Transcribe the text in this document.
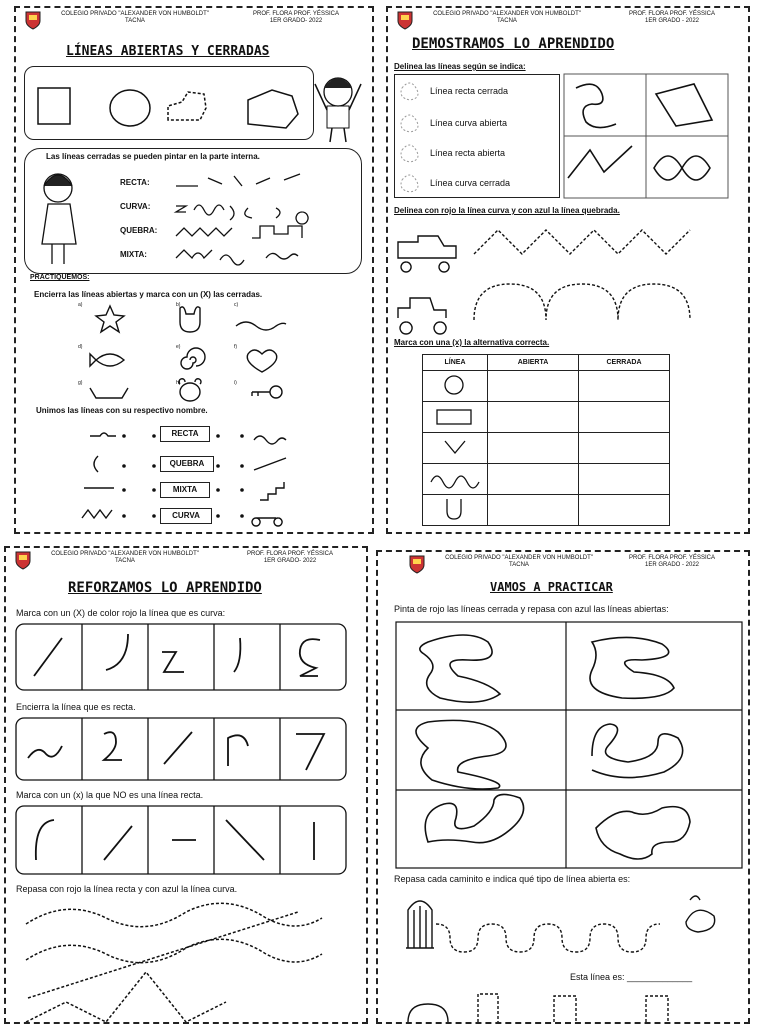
COLEGIO PRIVADO "ALEXANDER VON HUMBOLDT"
TACNA
PROF. FLORA PROF. YÉSSICA
1ER GRADO- 2022
LÍNEAS ABIERTAS Y CERRADAS
Las líneas cerradas se pueden pintar en la parte interna.
RECTA:
CURVA:
QUEBRA:
MIXTA:
PRACTIQUEMOS:
Encierra las líneas abiertas y marca con un (X) las cerradas.
a)	b)	c)
d)	e)	f)
g)	h)	i)
Unimos las líneas con su respectivo nombre.
RECTA
QUEBRA
MIXTA
CURVA
COLEGIO PRIVADO "ALEXANDER VON HUMBOLDT"
TACNA
PROF. FLORA PROF. YÉSSICA
1ER GRADO - 2022
DEMOSTRAMOS LO APRENDIDO
Delinea las líneas según se indica:
Línea recta cerrada
Línea curva abierta
Línea recta abierta
Línea curva cerrada
Delinea con rojo la línea curva y con azul la línea quebrada.
Marca con una (x) la alternativa correcta.
LÍNEA	ABIERTA	CERRADA

COLEGIO PRIVADO "ALEXANDER VON HUMBOLDT"
TACNA
PROF. FLORA PROF. YÉSSICA
1ER GRADO- 2022
REFORZAMOS LO APRENDIDO
Marca con un (X) de color rojo la línea que es curva:
Encierra la línea que es recta.
Marca con un (x) la que NO es una línea recta.
Repasa con rojo la línea recta y con azul la línea curva.
COLEGIO PRIVADO "ALEXANDER VON HUMBOLDT"
TACNA
PROF. FLORA PROF. YÉSSICA
1ER GRADO - 2022
VAMOS A PRACTICAR
Pinta de rojo las líneas cerrada y repasa con azul las líneas abiertas:
Repasa cada caminito e indica qué tipo de línea abierta es:
Esta línea es: _____________
